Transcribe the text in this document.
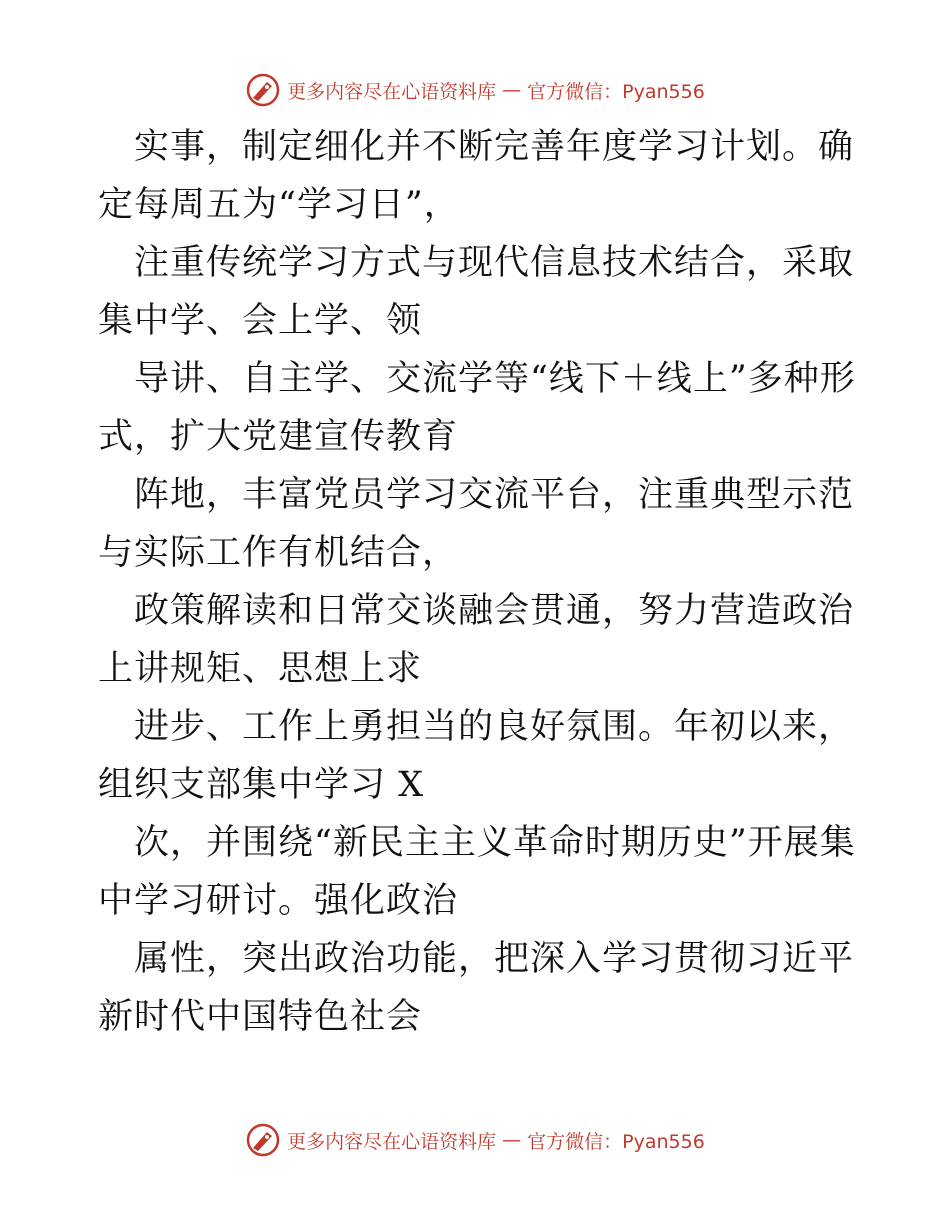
更多内容尽在心语资料库 — 官方微信：Pyan556

实事，制定细化并不断完善年度学习计划。确定每周五为“学习日”，

注重传统学习方式与现代信息技术结合，采取集中学、会上学、领

导讲、自主学、交流学等“线下＋线上”多种形式，扩大党建宣传教育

阵地，丰富党员学习交流平台，注重典型示范与实际工作有机结合，

政策解读和日常交谈融会贯通，努力营造政治上讲规矩、思想上求

进步、工作上勇担当的良好氛围。年初以来，组织支部集中学习 X

次，并围绕“新民主主义革命时期历史”开展集中学习研讨。强化政治

属性，突出政治功能，把深入学习贯彻习近平新时代中国特色社会

更多内容尽在心语资料库 — 官方微信：Pyan556
